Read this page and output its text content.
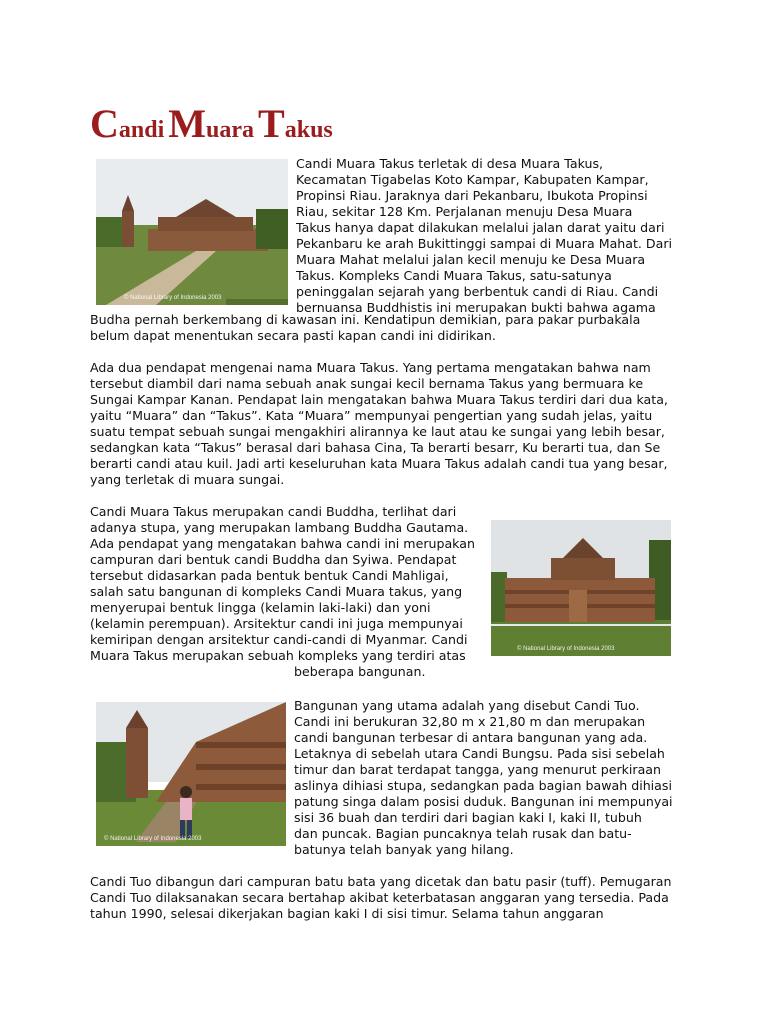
Candi Muara Takus
© National Library of Indonesia 2003
Candi Muara Takus terletak di desa Muara Takus,
Kecamatan Tigabelas Koto Kampar, Kabupaten Kampar,
Propinsi Riau. Jaraknya dari Pekanbaru, Ibukota Propinsi
Riau, sekitar 128 Km. Perjalanan menuju Desa Muara
Takus hanya dapat dilakukan melalui jalan darat yaitu dari
Pekanbaru ke arah Bukittinggi sampai di Muara Mahat. Dari
Muara Mahat melalui jalan kecil menuju ke Desa Muara
Takus. Kompleks Candi Muara Takus, satu-satunya
peninggalan sejarah yang berbentuk candi di Riau. Candi
bernuansa Buddhistis ini merupakan bukti bahwa agama
Budha pernah berkembang di kawasan ini. Kendatipun demikian, para pakar purbakala
belum dapat menentukan secara pasti kapan candi ini didirikan.
Ada dua pendapat mengenai nama Muara Takus. Yang pertama mengatakan bahwa nam
tersebut diambil dari nama sebuah anak sungai kecil bernama Takus yang bermuara ke
Sungai Kampar Kanan. Pendapat lain mengatakan bahwa Muara Takus terdiri dari dua kata,
yaitu “Muara” dan “Takus”. Kata “Muara” mempunyai pengertian yang sudah jelas, yaitu
suatu tempat sebuah sungai mengakhiri alirannya ke laut atau ke sungai yang lebih besar,
sedangkan kata “Takus” berasal dari bahasa Cina, Ta berarti besarr, Ku berarti tua, dan Se
berarti candi atau kuil. Jadi arti keseluruhan kata Muara Takus adalah candi tua yang besar,
yang terletak di muara sungai.
Candi Muara Takus merupakan candi Buddha, terlihat dari
adanya stupa, yang merupakan lambang Buddha Gautama.
Ada pendapat yang mengatakan bahwa candi ini merupakan
campuran dari bentuk candi Buddha dan Syiwa. Pendapat
tersebut didasarkan pada bentuk bentuk Candi Mahligai,
salah satu bangunan di kompleks Candi Muara takus, yang
menyerupai bentuk lingga (kelamin laki-laki) dan yoni
(kelamin perempuan). Arsitektur candi ini juga mempunyai
kemiripan dengan arsitektur candi-candi di Myanmar. Candi
Muara Takus merupakan sebuah kompleks yang terdiri atas
beberapa bangunan.
© National Library of Indonesia 2003
© National Library of Indonesia 2003
Bangunan yang utama adalah yang disebut Candi Tuo.
Candi ini berukuran 32,80 m x 21,80 m dan merupakan
candi bangunan terbesar di antara bangunan yang ada.
Letaknya di sebelah utara Candi Bungsu. Pada sisi sebelah
timur dan barat terdapat tangga, yang menurut perkiraan
aslinya dihiasi stupa, sedangkan pada bagian bawah dihiasi
patung singa dalam posisi duduk. Bangunan ini mempunyai
sisi 36 buah dan terdiri dari bagian kaki I, kaki II, tubuh
dan puncak. Bagian puncaknya telah rusak dan batu-
batunya telah banyak yang hilang.
Candi Tuo dibangun dari campuran batu bata yang dicetak dan batu pasir (tuff). Pemugaran
Candi Tuo dilaksanakan secara bertahap akibat keterbatasan anggaran yang tersedia. Pada
tahun 1990, selesai dikerjakan bagian kaki I di sisi timur. Selama tahun anggaran
